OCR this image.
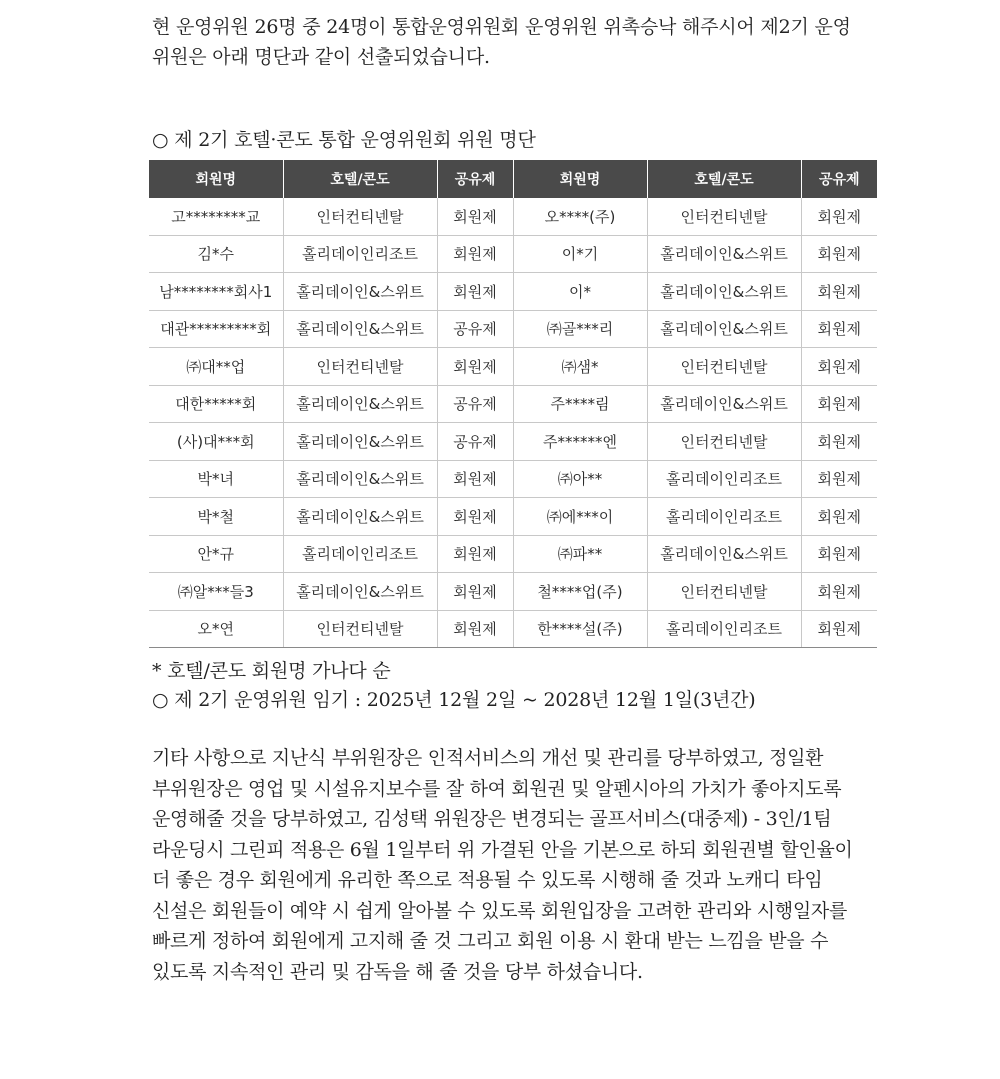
현 운영위원 26명 중 24명이 통합운영위원회 운영위원 위촉승낙 해주시어 제2기 운영
위원은 아래 명단과 같이 선출되었습니다.

○ 제 2기 호텔·콘도 통합 운영위원회 위원 명단

회원명	호텔/콘도	공유제	회원명	호텔/콘도	공유제
고********교	인터컨티넨탈	회원제	오****(주)	인터컨티넨탈	회원제
김*수	홀리데이인리조트	회원제	이*기	홀리데이인&스위트	회원제
남********회사1	홀리데이인&스위트	회원제	이*	홀리데이인&스위트	회원제
대관*********회	홀리데이인&스위트	공유제	㈜골***리	홀리데이인&스위트	회원제
㈜대**업	인터컨티넨탈	회원제	㈜샘*	인터컨티넨탈	회원제
대한*****회	홀리데이인&스위트	공유제	주****림	홀리데이인&스위트	회원제
(사)대***회	홀리데이인&스위트	공유제	주******엔	인터컨티넨탈	회원제
박*녀	홀리데이인&스위트	회원제	㈜아**	홀리데이인리조트	회원제
박*철	홀리데이인&스위트	회원제	㈜에***이	홀리데이인리조트	회원제
안*규	홀리데이인리조트	회원제	㈜파**	홀리데이인&스위트	회원제
㈜알***들3	홀리데이인&스위트	회원제	철****업(주)	인터컨티넨탈	회원제
오*연	인터컨티넨탈	회원제	한****설(주)	홀리데이인리조트	회원제

* 호텔/콘도 회원명 가나다 순

○ 제 2기 운영위원 임기 : 2025년 12월 2일 ~ 2028년 12월 1일(3년간)

기타 사항으로 지난식 부위원장은 인적서비스의 개선 및 관리를 당부하였고, 정일환
부위원장은 영업 및 시설유지보수를 잘 하여 회원권 및 알펜시아의 가치가 좋아지도록
운영해줄 것을 당부하였고, 김성택 위원장은 변경되는 골프서비스(대중제) - 3인/1팀
라운딩시 그린피 적용은 6월 1일부터 위 가결된 안을 기본으로 하되 회원권별 할인율이
더 좋은 경우 회원에게 유리한 쪽으로 적용될 수 있도록 시행해 줄 것과 노캐디 타임
신설은 회원들이 예약 시 쉽게 알아볼 수 있도록 회원입장을 고려한 관리와 시행일자를
빠르게 정하여 회원에게 고지해 줄 것 그리고 회원 이용 시 환대 받는 느낌을 받을 수
있도록 지속적인 관리 및 감독을 해 줄 것을 당부 하셨습니다.
